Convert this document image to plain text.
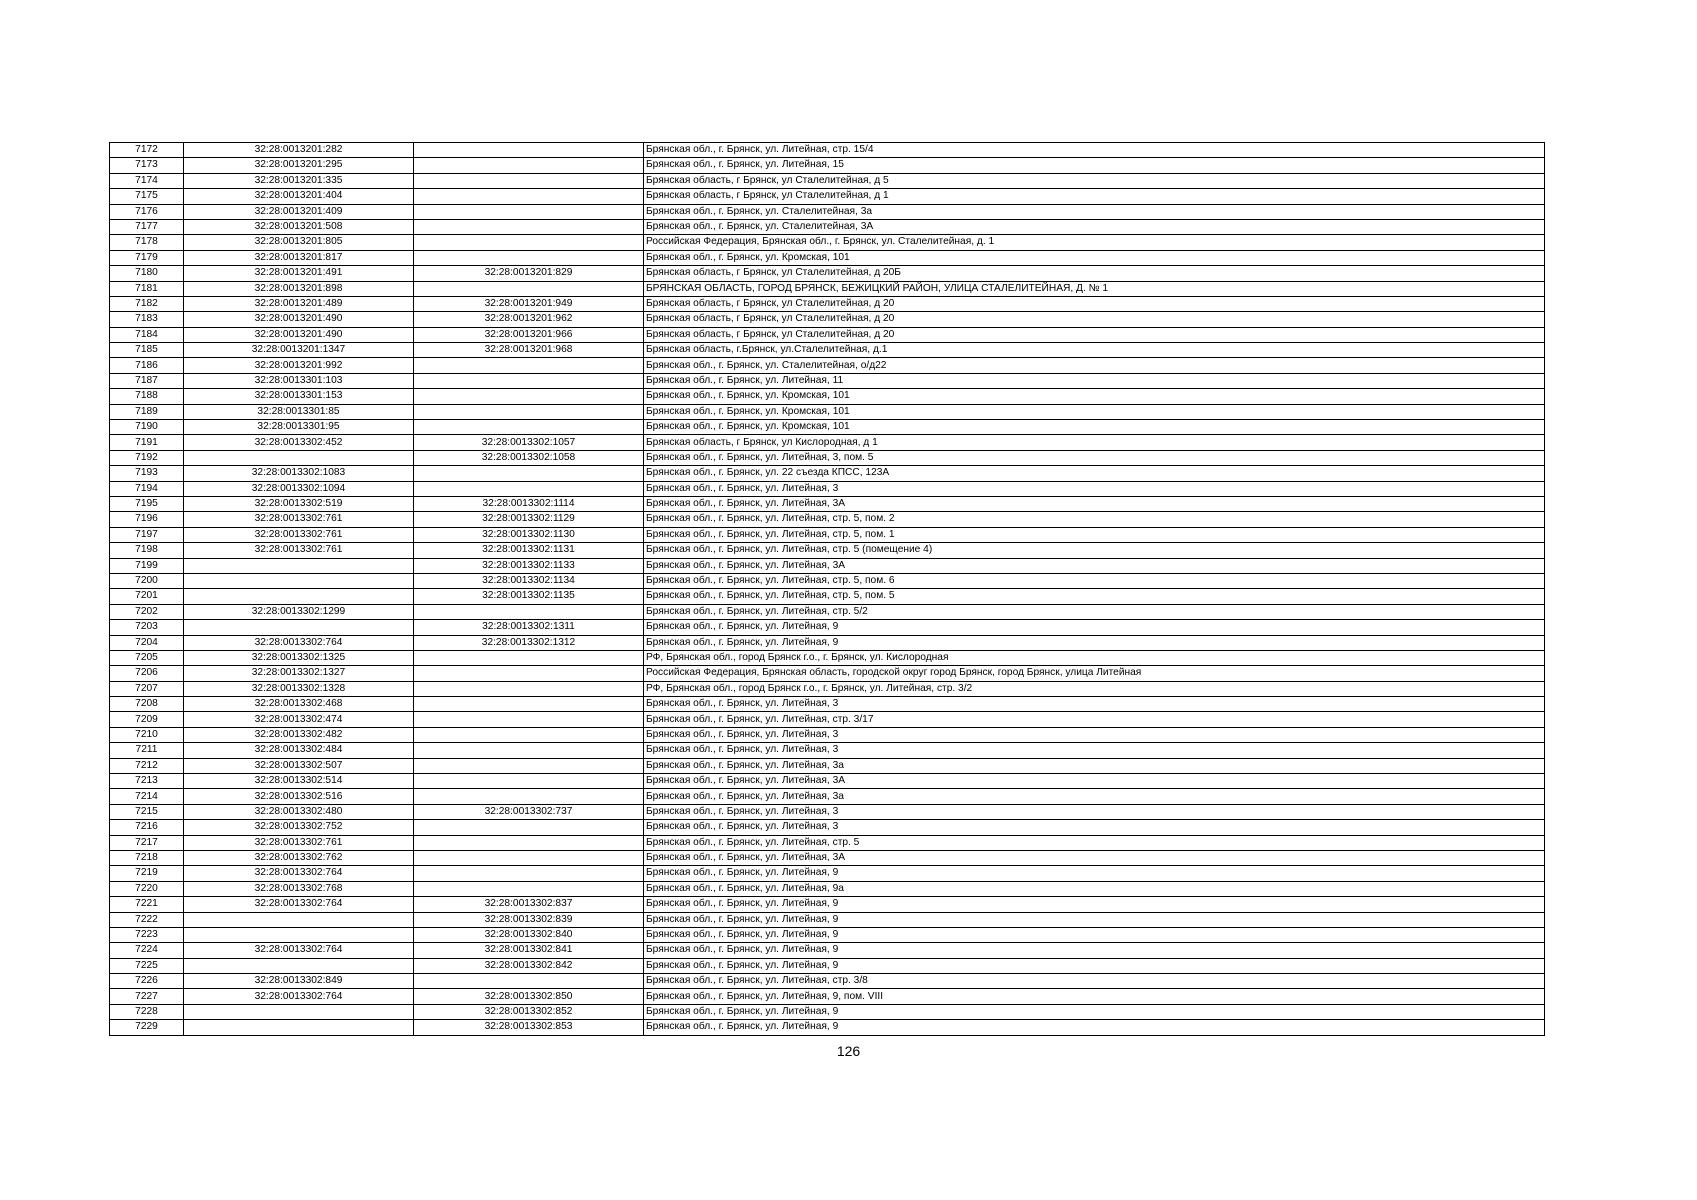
7172	32:28:0013201:282		Брянская обл., г. Брянск, ул. Литейная, стр. 15/4
7173	32:28:0013201:295		Брянская обл., г. Брянск, ул. Литейная, 15
7174	32:28:0013201:335		Брянская область, г Брянск, ул Сталелитейная, д 5
7175	32:28:0013201:404		Брянская область, г Брянск, ул Сталелитейная, д 1
7176	32:28:0013201:409		Брянская обл., г. Брянск, ул. Сталелитейная, 3а
7177	32:28:0013201:508		Брянская обл., г. Брянск, ул. Сталелитейная, 3А
7178	32:28:0013201:805		Российская Федерация, Брянская обл., г. Брянск, ул. Сталелитейная, д. 1
7179	32:28:0013201:817		Брянская обл., г. Брянск, ул. Кромская, 101
7180	32:28:0013201:491	32:28:0013201:829	Брянская область, г Брянск, ул Сталелитейная, д 20Б
7181	32:28:0013201:898		БРЯНСКАЯ ОБЛАСТЬ, ГОРОД БРЯНСК, БЕЖИЦКИЙ РАЙОН, УЛИЦА СТАЛЕЛИТЕЙНАЯ, Д. № 1
7182	32:28:0013201:489	32:28:0013201:949	Брянская область, г Брянск, ул Сталелитейная, д 20
7183	32:28:0013201:490	32:28:0013201:962	Брянская область, г Брянск, ул Сталелитейная, д 20
7184	32:28:0013201:490	32:28:0013201:966	Брянская область, г Брянск, ул Сталелитейная, д 20
7185	32:28:0013201:1347	32:28:0013201:968	Брянская область, г.Брянск, ул.Сталелитейная, д.1
7186	32:28:0013201:992		Брянская обл., г. Брянск, ул. Сталелитейная, о/д22
7187	32:28:0013301:103		Брянская обл., г. Брянск, ул. Литейная, 11
7188	32:28:0013301:153		Брянская обл., г. Брянск, ул. Кромская, 101
7189	32:28:0013301:85		Брянская обл., г. Брянск, ул. Кромская, 101
7190	32:28:0013301:95		Брянская обл., г. Брянск, ул. Кромская, 101
7191	32:28:0013302:452	32:28:0013302:1057	Брянская область, г Брянск, ул Кислородная, д 1
7192		32:28:0013302:1058	Брянская обл., г. Брянск, ул. Литейная, 3, пом. 5
7193	32:28:0013302:1083		Брянская обл., г. Брянск, ул. 22 съезда КПСС, 123А
7194	32:28:0013302:1094		Брянская обл., г. Брянск, ул. Литейная, 3
7195	32:28:0013302:519	32:28:0013302:1114	Брянская обл., г. Брянск, ул. Литейная, 3А
7196	32:28:0013302:761	32:28:0013302:1129	Брянская обл., г. Брянск, ул. Литейная, стр. 5, пом. 2
7197	32:28:0013302:761	32:28:0013302:1130	Брянская обл., г. Брянск, ул. Литейная, стр. 5, пом. 1
7198	32:28:0013302:761	32:28:0013302:1131	Брянская обл., г. Брянск, ул. Литейная, стр. 5 (помещение 4)
7199		32:28:0013302:1133	Брянская обл., г. Брянск, ул. Литейная, 3А
7200		32:28:0013302:1134	Брянская обл., г. Брянск, ул. Литейная, стр. 5, пом. 6
7201		32:28:0013302:1135	Брянская обл., г. Брянск, ул. Литейная, стр. 5, пом. 5
7202	32:28:0013302:1299		Брянская обл., г. Брянск, ул. Литейная, стр. 5/2
7203		32:28:0013302:1311	Брянская обл., г. Брянск, ул. Литейная, 9
7204	32:28:0013302:764	32:28:0013302:1312	Брянская обл., г. Брянск, ул. Литейная, 9
7205	32:28:0013302:1325		РФ, Брянская обл., город Брянск г.о., г. Брянск, ул. Кислородная
7206	32:28:0013302:1327		Российская Федерация, Брянская область, городской округ город Брянск, город Брянск, улица Литейная
7207	32:28:0013302:1328		РФ, Брянская обл., город Брянск г.о., г. Брянск, ул. Литейная, стр. 3/2
7208	32:28:0013302:468		Брянская обл., г. Брянск, ул. Литейная, 3
7209	32:28:0013302:474		Брянская обл., г. Брянск, ул. Литейная, стр. 3/17
7210	32:28:0013302:482		Брянская обл., г. Брянск, ул. Литейная, 3
7211	32:28:0013302:484		Брянская обл., г. Брянск, ул. Литейная, 3
7212	32:28:0013302:507		Брянская обл., г. Брянск, ул. Литейная, 3а
7213	32:28:0013302:514		Брянская обл., г. Брянск, ул. Литейная, 3А
7214	32:28:0013302:516		Брянская обл., г. Брянск, ул. Литейная, 3а
7215	32:28:0013302:480	32:28:0013302:737	Брянская обл., г. Брянск, ул. Литейная, 3
7216	32:28:0013302:752		Брянская обл., г. Брянск, ул. Литейная, 3
7217	32:28:0013302:761		Брянская обл., г. Брянск, ул. Литейная, стр. 5
7218	32:28:0013302:762		Брянская обл., г. Брянск, ул. Литейная, 3А
7219	32:28:0013302:764		Брянская обл., г. Брянск, ул. Литейная, 9
7220	32:28:0013302:768		Брянская обл., г. Брянск, ул. Литейная, 9а
7221	32:28:0013302:764	32:28:0013302:837	Брянская обл., г. Брянск, ул. Литейная, 9
7222		32:28:0013302:839	Брянская обл., г. Брянск, ул. Литейная, 9
7223		32:28:0013302:840	Брянская обл., г. Брянск, ул. Литейная, 9
7224	32:28:0013302:764	32:28:0013302:841	Брянская обл., г. Брянск, ул. Литейная, 9
7225		32:28:0013302:842	Брянская обл., г. Брянск, ул. Литейная, 9
7226	32:28:0013302:849		Брянская обл., г. Брянск, ул. Литейная, стр. 3/8
7227	32:28:0013302:764	32:28:0013302:850	Брянская обл., г. Брянск, ул. Литейная, 9, пом. VIII
7228		32:28:0013302:852	Брянская обл., г. Брянск, ул. Литейная, 9
7229		32:28:0013302:853	Брянская обл., г. Брянск, ул. Литейная, 9
126
